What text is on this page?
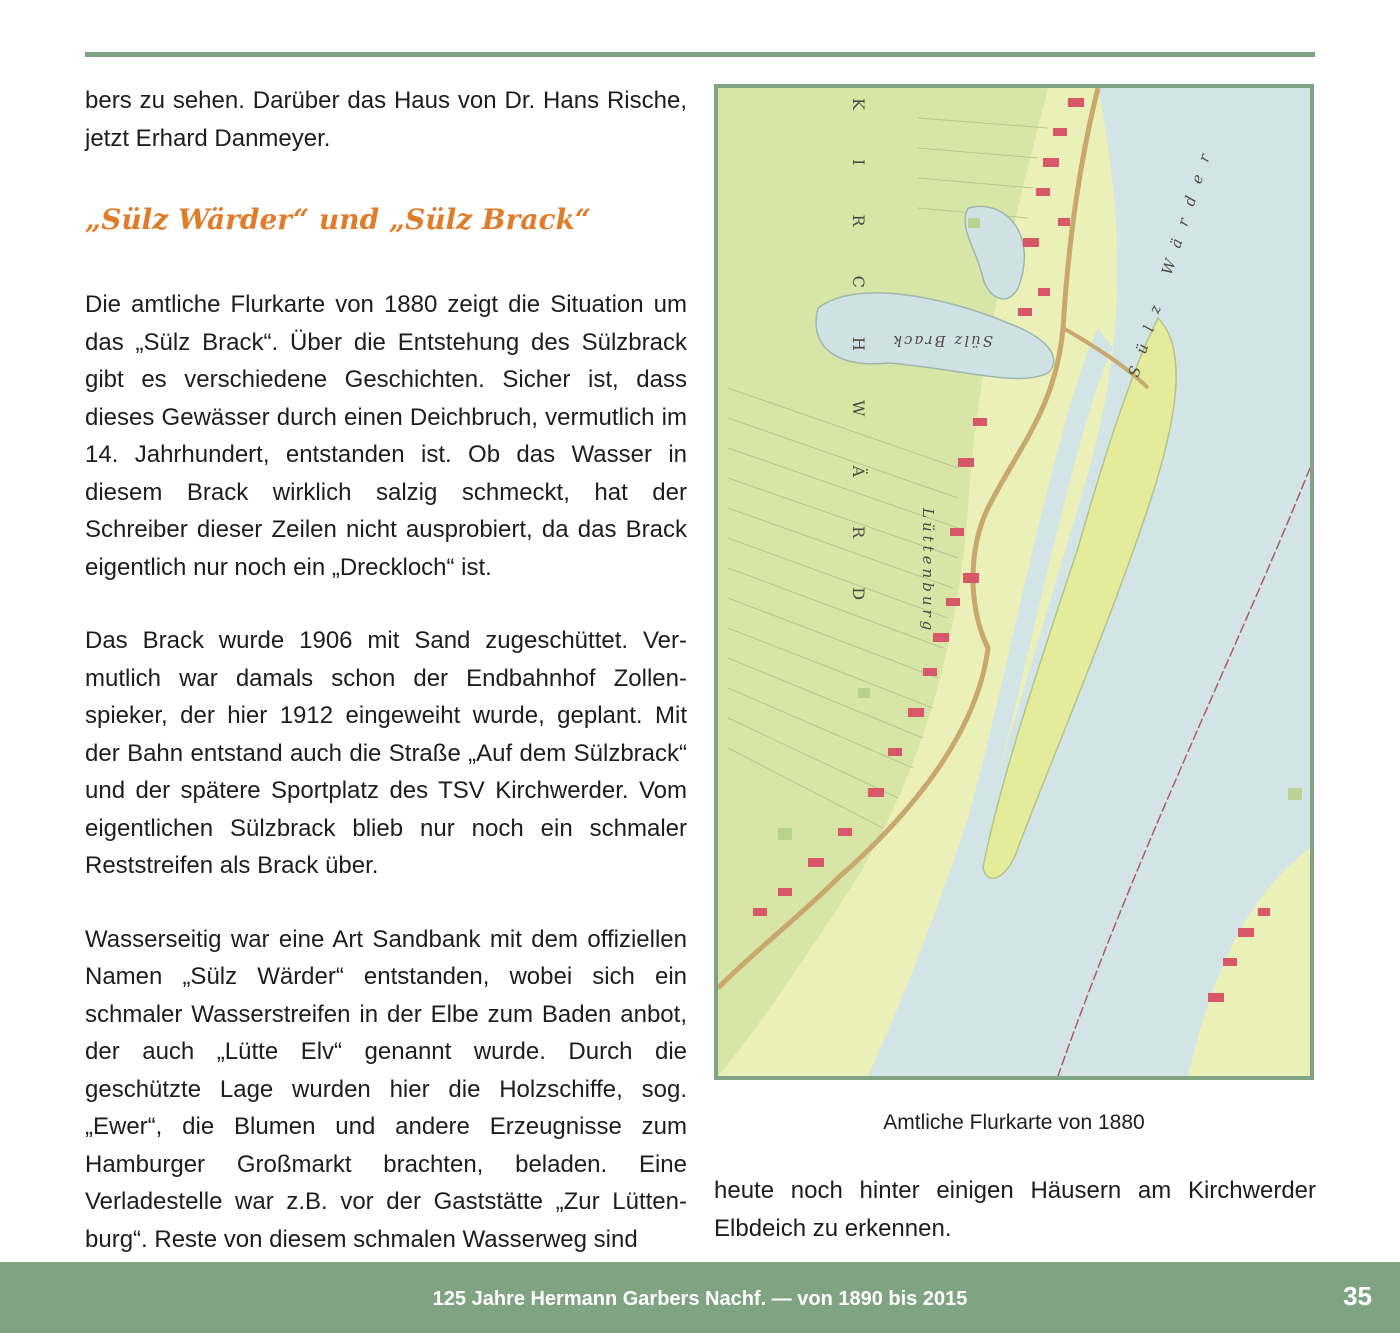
bers zu sehen. Darüber das Haus von Dr. Hans Rische, jetzt Erhard Danmeyer.

„Sülz Wärder“ und „Sülz Brack“

Die amtliche Flurkarte von 1880 zeigt die Situation um das „Sülz Brack“. Über die Entstehung des Sülzbrack gibt es verschiedene Geschichten. Sicher ist, dass dieses Gewässer durch einen Deichbruch, vermutlich im 14. Jahrhundert, entstanden ist. Ob das Wasser in diesem Brack wirklich salzig schmeckt, hat der Schreiber dieser Zeilen nicht ausprobiert, da das Brack eigentlich nur noch ein „Dreckloch“ ist.

Das Brack wurde 1906 mit Sand zugeschüttet. Vermutlich war damals schon der Endbahnhof Zollenspieker, der hier 1912 eingeweiht wurde, geplant. Mit der Bahn entstand auch die Straße „Auf dem Sülzbrack“ und der spätere Sportplatz des TSV Kirchwerder. Vom eigentlichen Sülzbrack blieb nur noch ein schmaler Reststreifen als Brack über.

Wasserseitig war eine Art Sandbank mit dem offiziellen Namen „Sülz Wärder“ entstanden, wobei sich ein schmaler Wasserstreifen in der Elbe zum Baden anbot, der auch „Lütte Elv“ genannt wurde. Durch die geschützte Lage wurden hier die Holzschiffe, sog. „Ewer“, die Blumen und andere Erzeugnisse zum Hamburger Großmarkt brachten, beladen. Eine Verladestelle war z.B. vor der Gaststätte „Zur Lüttenburg“. Reste von diesem schmalen Wasserweg sind

K I R C H W Ä R D Sülz Brack
Lüttenburg
Sülz Wärder
Amtliche Flurkarte von 1880

heute noch hinter einigen Häusern am Kirchwerder Elbdeich zu erkennen.

125 Jahre Hermann Garbers Nachf. — von 1890 bis 2015	35
